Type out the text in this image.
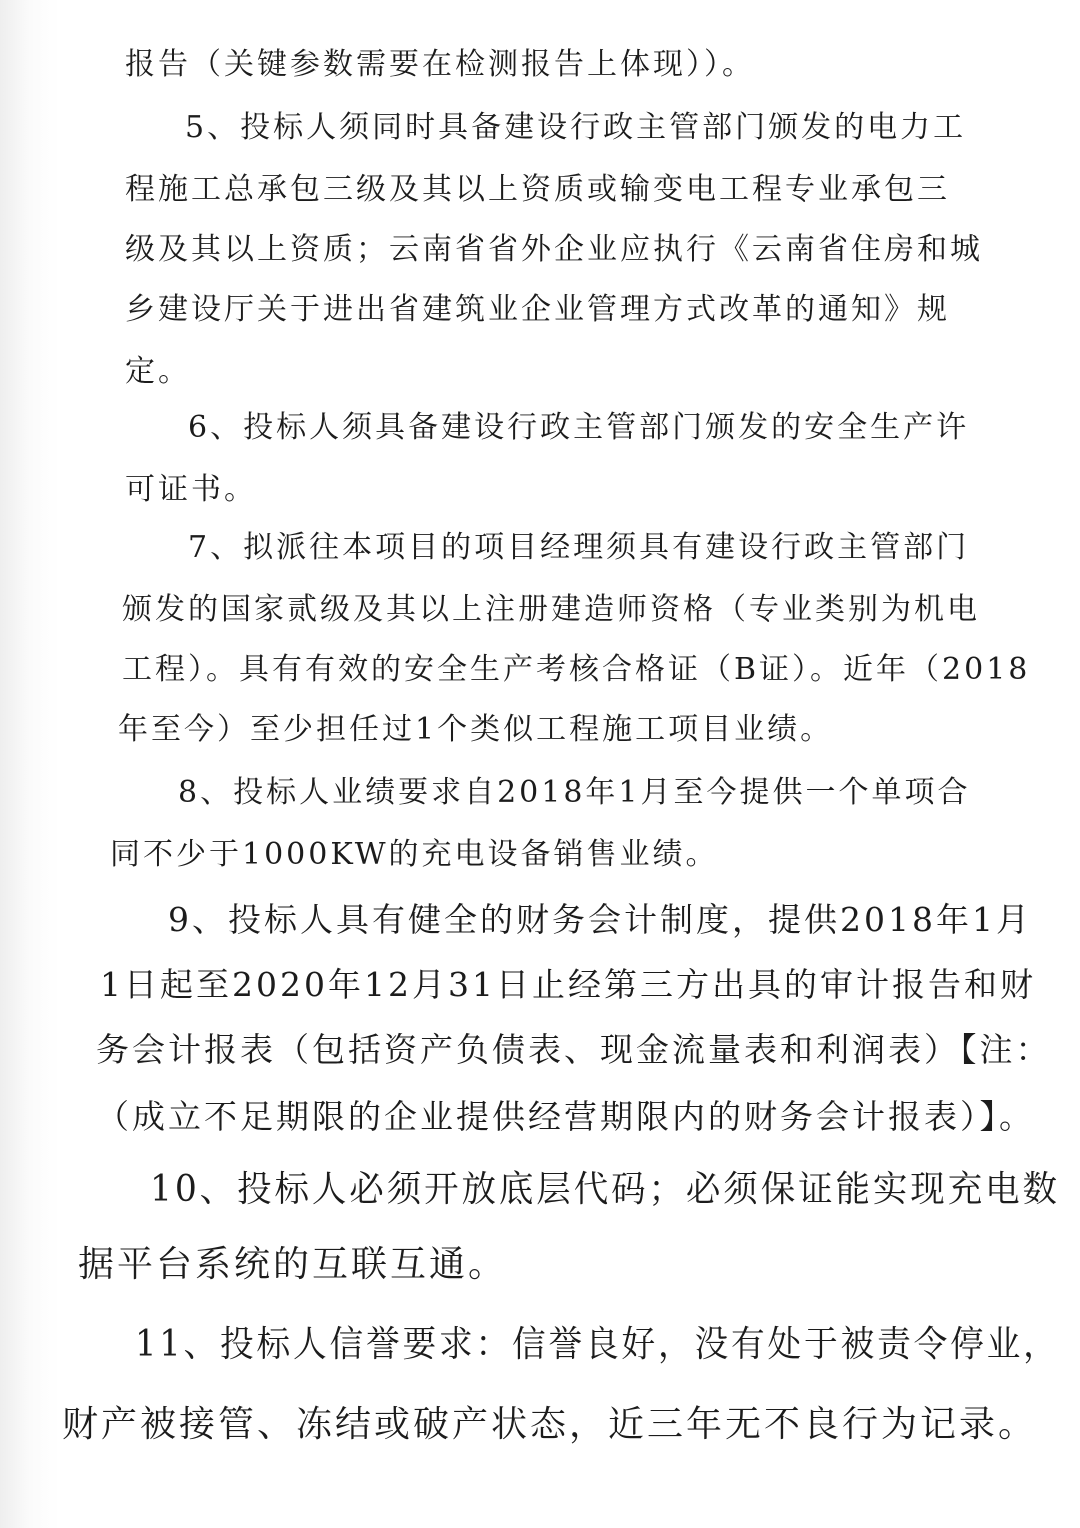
报告（关键参数需要在检测报告上体现））。
5、投标人须同时具备建设行政主管部门颁发的电力工
程施工总承包三级及其以上资质或输变电工程专业承包三
级及其以上资质；云南省省外企业应执行《云南省住房和城
乡建设厅关于进出省建筑业企业管理方式改革的通知》规
定。
6、投标人须具备建设行政主管部门颁发的安全生产许
可证书。
7、拟派往本项目的项目经理须具有建设行政主管部门
颁发的国家贰级及其以上注册建造师资格（专业类别为机电
工程）。具有有效的安全生产考核合格证（B证）。近年（2018
年至今）至少担任过1个类似工程施工项目业绩。
8、投标人业绩要求自2018年1月至今提供一个单项合
同不少于1000KW的充电设备销售业绩。
9、投标人具有健全的财务会计制度，提供2018年1月
1日起至2020年12月31日止经第三方出具的审计报告和财
务会计报表（包括资产负债表、现金流量表和利润表）【注：
（成立不足期限的企业提供经营期限内的财务会计报表）】。
10、投标人必须开放底层代码；必须保证能实现充电数
据平台系统的互联互通。
11、投标人信誉要求：信誉良好，没有处于被责令停业，
财产被接管、冻结或破产状态，近三年无不良行为记录。
